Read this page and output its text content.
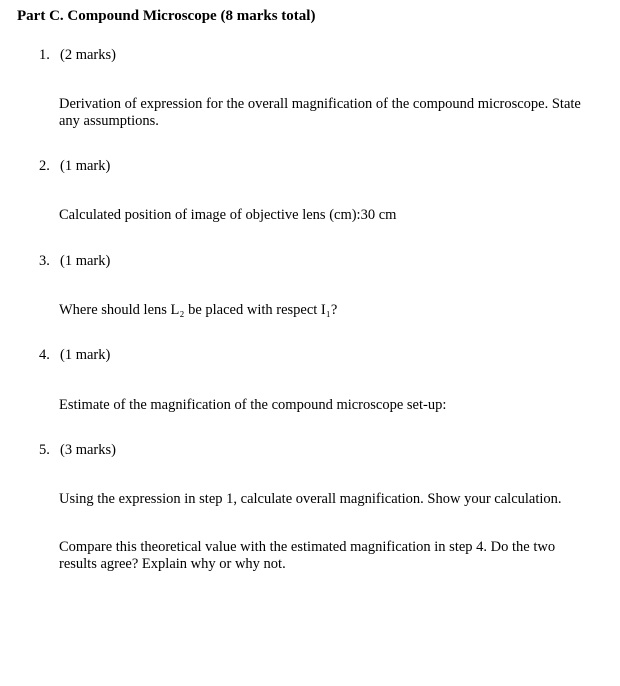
Part C. Compound Microscope (8 marks total)
1. (2 marks)
Derivation of expression for the overall magnification of the compound microscope. State any assumptions.
2. (1 mark)
Calculated position of image of objective lens (cm):30 cm
3. (1 mark)
Where should lens L₂ be placed with respect I₁?
4. (1 mark)
Estimate of the magnification of the compound microscope set-up:
5. (3 marks)
Using the expression in step 1, calculate overall magnification. Show your calculation.
Compare this theoretical value with the estimated magnification in step 4. Do the two results agree? Explain why or why not.
